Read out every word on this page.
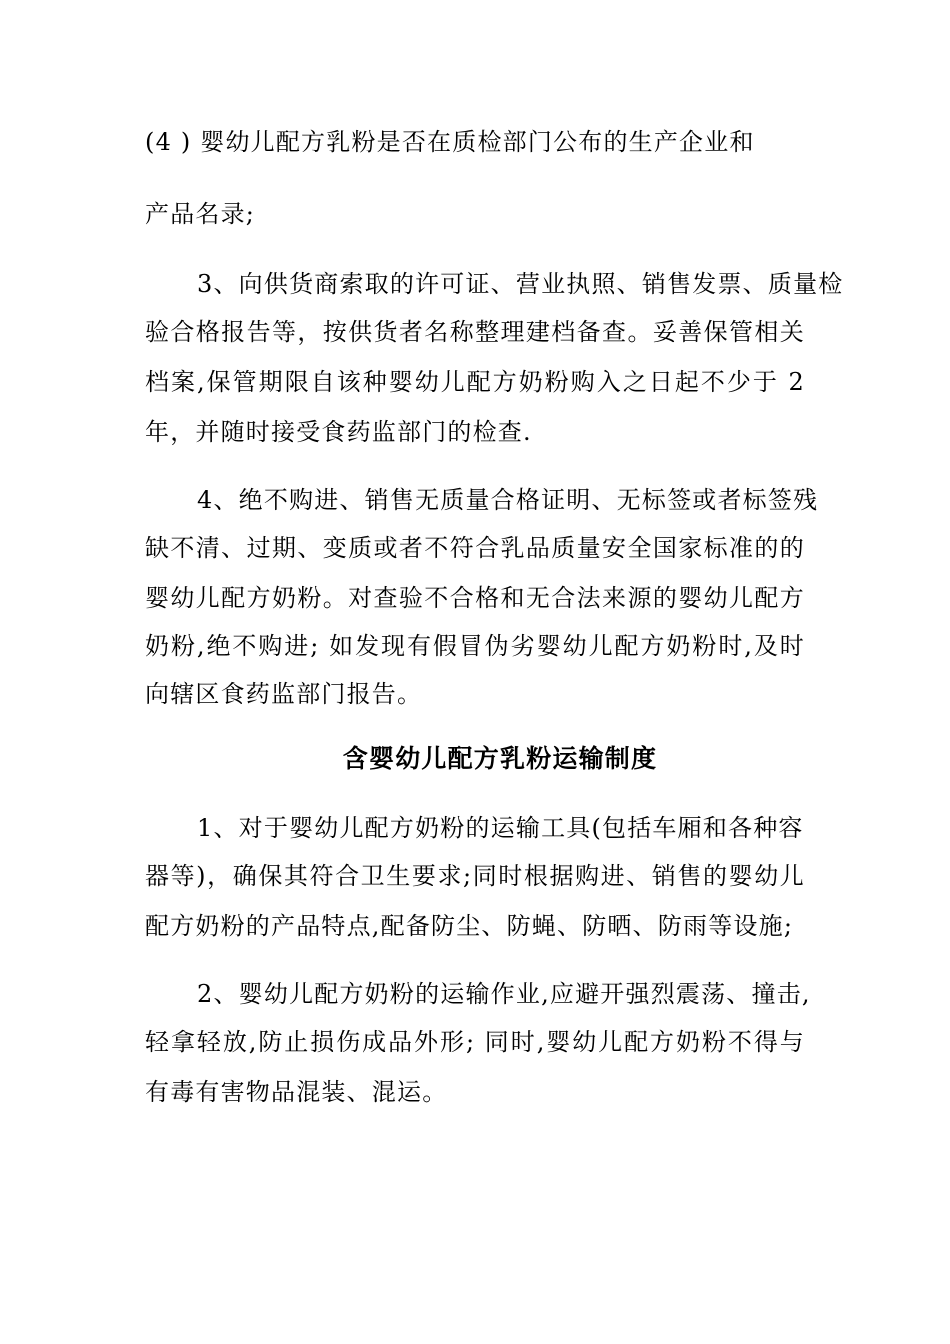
(4 ) 婴幼儿配方乳粉是否在质检部门公布的生产企业和
产品名录;
3、向供货商索取的许可证、营业执照、销售发票、质量检
验合格报告等，按供货者名称整理建档备查。妥善保管相关
档案,保管期限自该种婴幼儿配方奶粉购入之日起不少于 2
年，并随时接受食药监部门的检查.
4、绝不购进、销售无质量合格证明、无标签或者标签残
缺不清、过期、变质或者不符合乳品质量安全国家标准的的
婴幼儿配方奶粉。对查验不合格和无合法来源的婴幼儿配方
奶粉,绝不购进; 如发现有假冒伪劣婴幼儿配方奶粉时,及时
向辖区食药监部门报告。
含婴幼儿配方乳粉运输制度
1、对于婴幼儿配方奶粉的运输工具(包括车厢和各种容
器等)，确保其符合卫生要求;同时根据购进、销售的婴幼儿
配方奶粉的产品特点,配备防尘、防蝇、防晒、防雨等设施;
2、婴幼儿配方奶粉的运输作业,应避开强烈震荡、撞击,
轻拿轻放,防止损伤成品外形; 同时,婴幼儿配方奶粉不得与
有毒有害物品混装、混运。
